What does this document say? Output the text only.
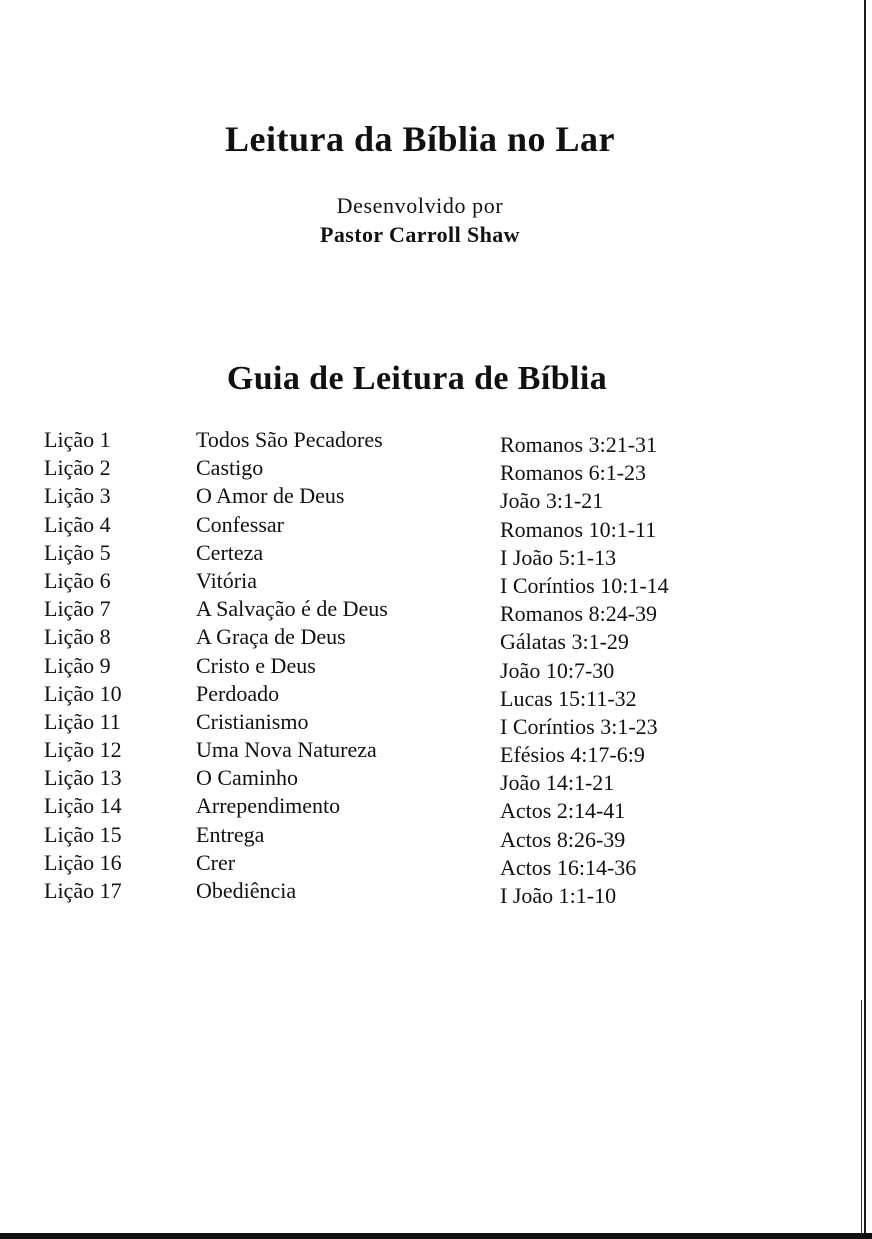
Leitura da Bíblia no Lar
Desenvolvido por
Pastor Carroll Shaw
Guia de Leitura de Bíblia
Lição 1	Todos São Pecadores	Romanos 3:21-31
Lição 2	Castigo	Romanos 6:1-23
Lição 3	O Amor de Deus	João 3:1-21
Lição 4	Confessar	Romanos 10:1-11
Lição 5	Certeza	I João 5:1-13
Lição 6	Vitória	I Coríntios 10:1-14
Lição 7	A Salvação é de Deus	Romanos 8:24-39
Lição 8	A Graça de Deus	Gálatas 3:1-29
Lição 9	Cristo e Deus	João 10:7-30
Lição 10	Perdoado	Lucas 15:11-32
Lição 11	Cristianismo	I Coríntios 3:1-23
Lição 12	Uma Nova Natureza	Efésios 4:17-6:9
Lição 13	O Caminho	João 14:1-21
Lição 14	Arrependimento	Actos 2:14-41
Lição 15	Entrega	Actos 8:26-39
Lição 16	Crer	Actos 16:14-36
Lição 17	Obediência	I João 1:1-10
